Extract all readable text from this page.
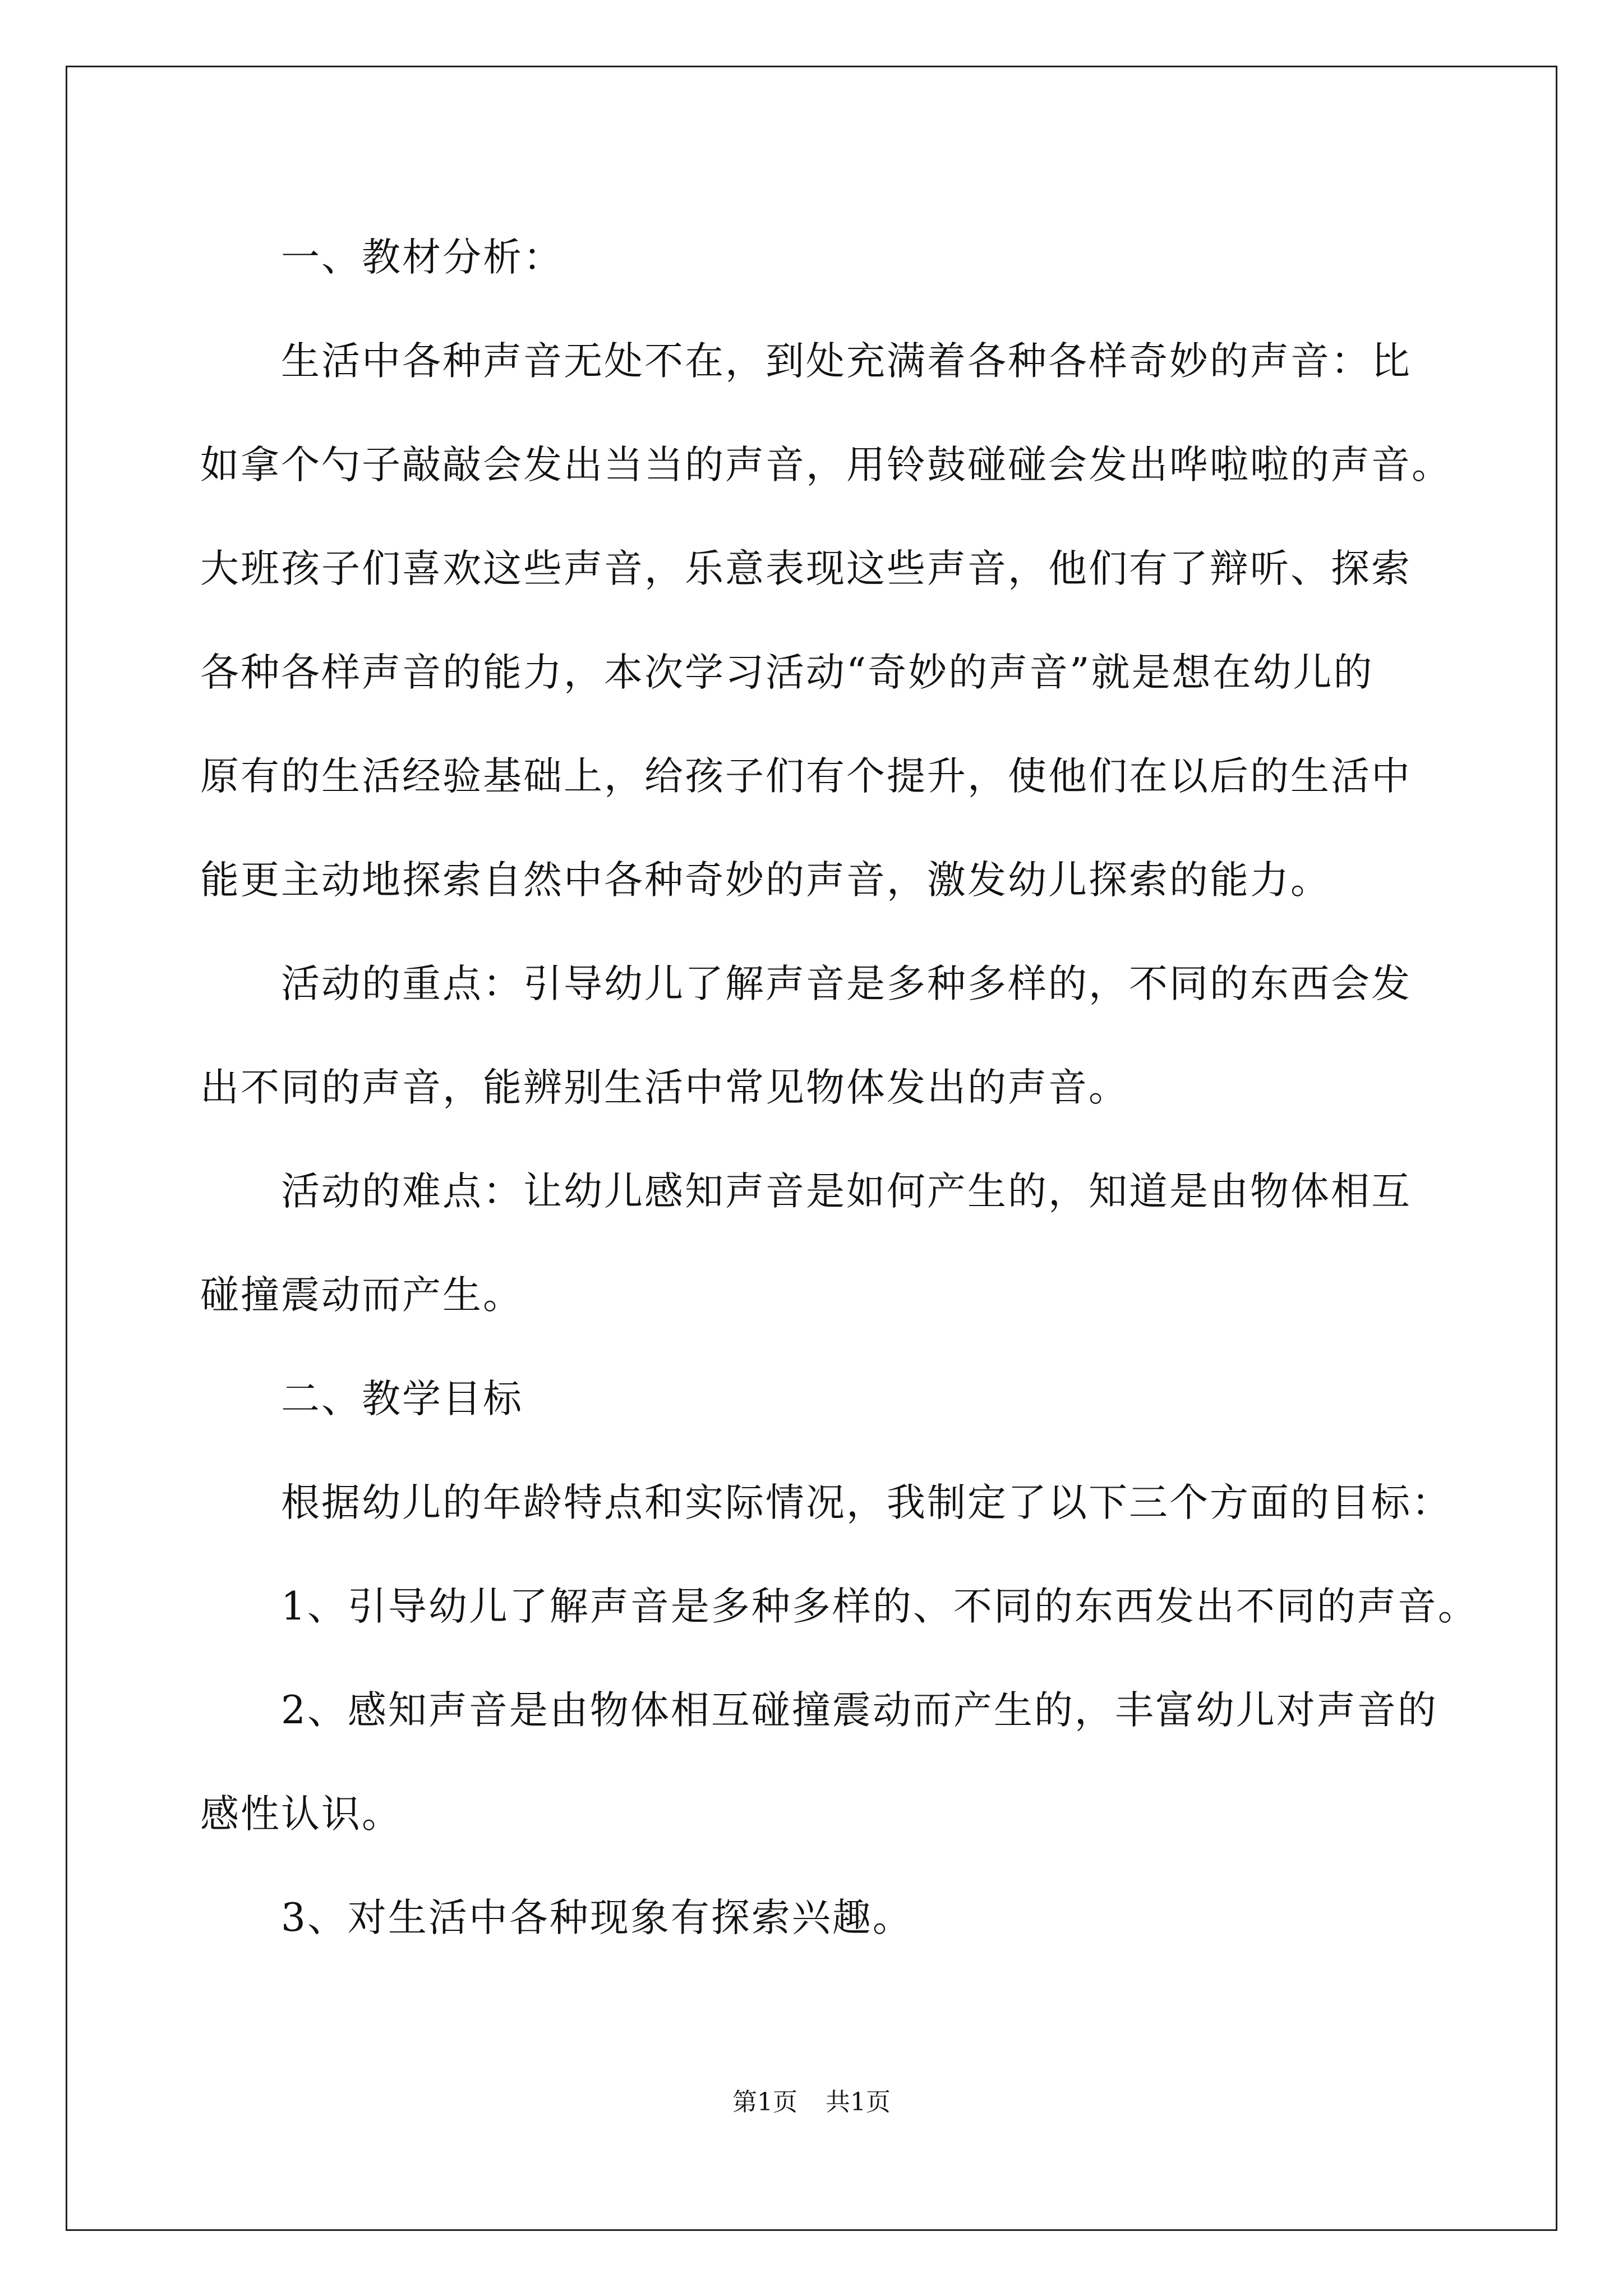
一、教材分析：
生活中各种声音无处不在，到处充满着各种各样奇妙的声音：比
如拿个勺子敲敲会发出当当的声音，用铃鼓碰碰会发出哗啦啦的声音。
大班孩子们喜欢这些声音，乐意表现这些声音，他们有了辩听、探索
各种各样声音的能力，本次学习活动“奇妙的声音”就是想在幼儿的
原有的生活经验基础上，给孩子们有个提升，使他们在以后的生活中
能更主动地探索自然中各种奇妙的声音，激发幼儿探索的能力。
活动的重点：引导幼儿了解声音是多种多样的，不同的东西会发
出不同的声音，能辨别生活中常见物体发出的声音。
活动的难点：让幼儿感知声音是如何产生的，知道是由物体相互
碰撞震动而产生。
二、教学目标
根据幼儿的年龄特点和实际情况，我制定了以下三个方面的目标：
1、引导幼儿了解声音是多种多样的、不同的东西发出不同的声音。
2、感知声音是由物体相互碰撞震动而产生的，丰富幼儿对声音的
感性认识。
3、对生活中各种现象有探索兴趣。
第1页 共1页
